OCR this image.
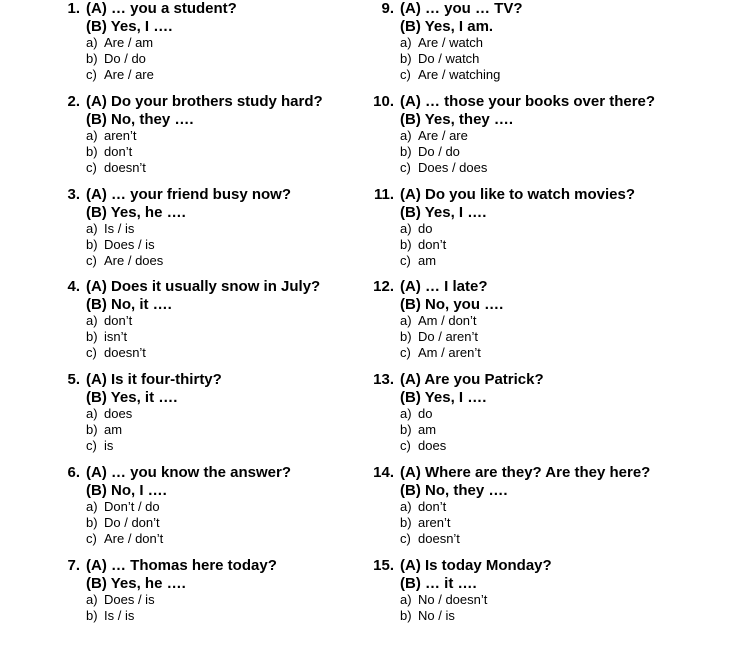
1. (A) … you a student?
(B) Yes, I ….
a) Are / am
b) Do / do
c) Are / are
2. (A) Do your brothers study hard?
(B) No, they ….
a) aren’t
b) don’t
c) doesn’t
3. (A) … your friend busy now?
(B) Yes, he ….
a) Is / is
b) Does / is
c) Are / does
4. (A) Does it usually snow in July?
(B) No, it ….
a) don’t
b) isn’t
c) doesn’t
5. (A) Is it four-thirty?
(B) Yes, it ….
a) does
b) am
c) is
6. (A) … you know the answer?
(B) No, I ….
a) Don’t / do
b) Do / don’t
c) Are / don’t
7. (A) … Thomas here today?
(B) Yes, he ….
a) Does / is
b) Is / is
9. (A) … you … TV?
(B) Yes, I am.
a) Are / watch
b) Do / watch
c) Are / watching
10. (A) … those your books over there?
(B) Yes, they ….
a) Are / are
b) Do / do
c) Does / does
11. (A) Do you like to watch movies?
(B) Yes, I ….
a) do
b) don’t
c) am
12. (A) … I late?
(B) No, you ….
a) Am / don’t
b) Do / aren’t
c) Am / aren’t
13. (A) Are you Patrick?
(B) Yes, I ….
a) do
b) am
c) does
14. (A) Where are they? Are they here?
(B) No, they ….
a) don’t
b) aren’t
c) doesn’t
15. (A) Is today Monday?
(B) … it ….
a) No / doesn’t
b) No / is
